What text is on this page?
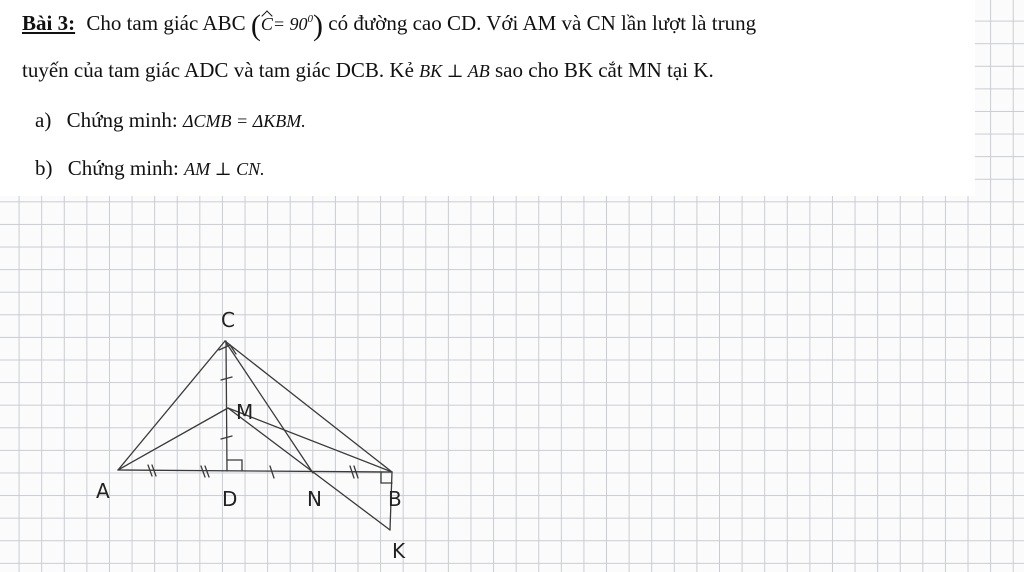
Bài 3: Cho tam giác ABC $(C= 90^0)$ có đường cao CD. Với AM và CN lần lượt là trung
tuyến của tam giác ADC và tam giác DCB. Kẻ BK ⊥ AB sao cho BK cắt MN tại K.
a) Chứng minh: ΔCMB = ΔKBM.
b) Chứng minh: AM ⊥ CN.
C
M
A	D	N	B
K
